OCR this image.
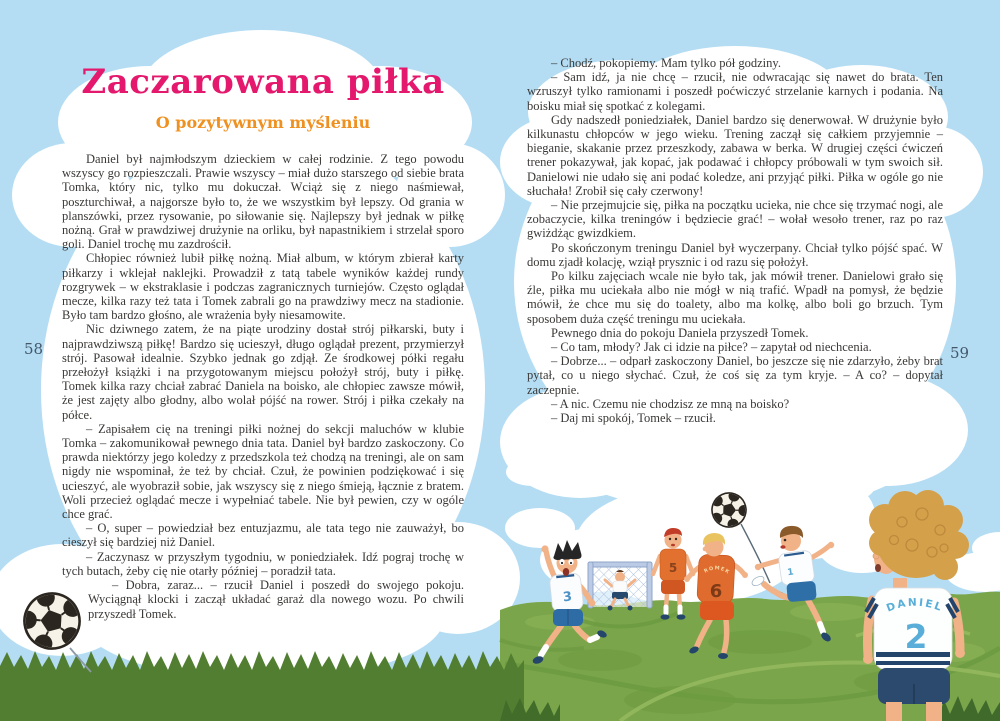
5	ROMEK
6
3
1
DANIEL
2
Zaczarowana piłka
O pozytywnym myśleniu

Daniel był najmłodszym dzieckiem w całej rodzinie. Z tego powodu wszyscy go rozpieszczali. Prawie wszyscy – miał dużo starszego od siebie brata Tomka, który nic, tylko mu dokuczał. Wciąż się z niego naśmiewał, poszturchiwał, a najgorsze było to, że we wszystkim był lepszy. Od grania w planszówki, przez rysowanie, po siłowanie się. Najlepszy był jednak w piłkę nożną. Grał w prawdziwej drużynie na orliku, był napastnikiem i strzelał sporo goli. Daniel trochę mu zazdrościł.

Chłopiec również lubił piłkę nożną. Miał album, w którym zbierał karty piłkarzy i wklejał naklejki. Prowadził z tatą tabele wyników każdej rundy rozgrywek – w ekstraklasie i podczas zagranicznych turniejów. Często oglądał mecze, kilka razy też tata i Tomek zabrali go na prawdziwy mecz na stadionie. Było tam bardzo głośno, ale wrażenia były niesamowite.

Nic dziwnego zatem, że na piąte urodziny dostał strój piłkarski, buty i najprawdziwszą piłkę! Bardzo się ucieszył, długo oglądał prezent, przymierzył strój. Pasował idealnie. Szybko jednak go zdjął. Ze środkowej półki regału przełożył książki i na przygotowanym miejscu położył strój, buty i piłkę. Tomek kilka razy chciał zabrać Daniela na boisko, ale chłopiec zawsze mówił, że jest zajęty albo głodny, albo wolał pójść na rower. Strój i piłka czekały na półce.

– Zapisałem cię na treningi piłki nożnej do sekcji maluchów w klubie Tomka – zakomunikował pewnego dnia tata. Daniel był bardzo zaskoczony. Co prawda niektórzy jego koledzy z przedszkola też chodzą na treningi, ale on sam nigdy nie wspominał, że też by chciał. Czuł, że powinien podziękować i się ucieszyć, ale wyobraził sobie, jak wszyscy się z niego śmieją, łącznie z bratem. Woli przecież oglądać mecze i wypełniać tabele. Nie był pewien, czy w ogóle chce grać.

– O, super – powiedział bez entuzjazmu, ale tata tego nie zauważył, bo cieszył się bardziej niż Daniel.

– Zaczynasz w przyszłym tygodniu, w poniedziałek. Idź pograj trochę w tych butach, żeby cię nie otarły później – poradził tata.

– Dobra, zaraz... – rzucił Daniel i poszedł do swojego pokoju. Wyciągnął klocki i zaczął układać garaż dla nowego wozu. Po chwili przyszedł Tomek.

– Chodź, pokopiemy. Mam tylko pół godziny.

– Sam idź, ja nie chcę – rzucił, nie odwracając się nawet do brata. Ten wzruszył tylko ramionami i poszedł poćwiczyć strzelanie karnych i podania. Na boisku miał się spotkać z kolegami.

Gdy nadszedł poniedziałek, Daniel bardzo się denerwował. W drużynie było kilkunastu chłopców w jego wieku. Trening zaczął się całkiem przyjemnie – bieganie, skakanie przez przeszkody, zabawa w berka. W drugiej części ćwiczeń trener pokazywał, jak kopać, jak podawać i chłopcy próbowali w tym swoich sił. Danielowi nie udało się ani podać koledze, ani przyjąć piłki. Piłka w ogóle go nie słuchała! Zrobił się cały czerwony!

– Nie przejmujcie się, piłka na początku ucieka, nie chce się trzymać nogi, ale zobaczycie, kilka treningów i będziecie grać! – wołał wesoło trener, raz po raz gwiżdżąc gwizdkiem.

Po skończonym treningu Daniel był wyczerpany. Chciał tylko pójść spać. W domu zjadł kolację, wziął prysznic i od razu się położył.

Po kilku zajęciach wcale nie było tak, jak mówił trener. Danielowi grało się źle, piłka mu uciekała albo nie mógł w nią trafić. Wpadł na pomysł, że będzie mówił, że chce mu się do toalety, albo ma kolkę, albo boli go brzuch. Tym sposobem duża część treningu mu uciekała.

Pewnego dnia do pokoju Daniela przyszedł Tomek.

– Co tam, młody? Jak ci idzie na piłce? – zapytał od niechcenia.

– Dobrze... – odparł zaskoczony Daniel, bo jeszcze się nie zdarzyło, żeby brat pytał, co u niego słychać. Czuł, że coś się za tym kryje. – A co? – dopytał zaczepnie.

– A nic. Czemu nie chodzisz ze mną na boisko?

– Daj mi spokój, Tomek – rzucił.

58	59
